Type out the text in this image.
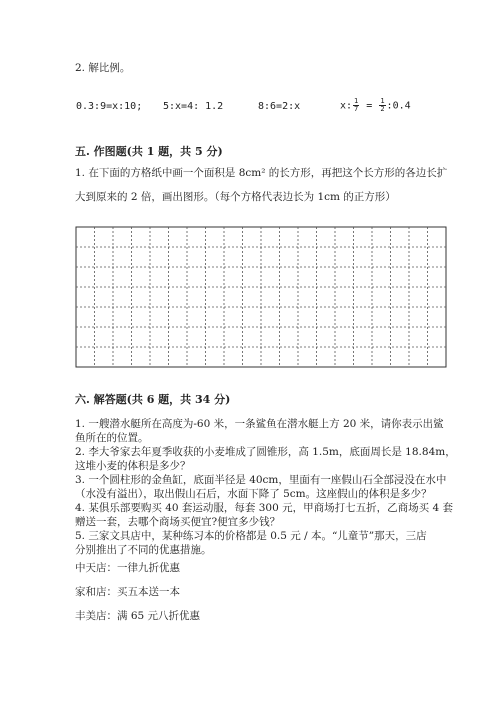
2. 解比例。
0.3:9=x:10; 5:x=4: 1.2	8:6=2:x	x: $\frac{1}{7} = \frac{1}{2}$ :0.4
五. 作图题(共 1 题，共 5 分)
1. 在下面的方格纸中画一个面积是 8cm² 的长方形，再把这个长方形的各边长扩
大到原来的 2 倍，画出图形。（每个方格代表边长为 1cm 的正方形）
六. 解答题(共 6 题，共 34 分)
1. 一艘潜水艇所在高度为-60 米，一条鲨鱼在潜水艇上方 20 米，请你表示出鲨
鱼所在的位置。
2. 李大爷家去年夏季收获的小麦堆成了圆锥形，高 1.5m，底面周长是 18.84m，
这堆小麦的体积是多少？
3. 一个圆柱形的金鱼缸，底面半径是 40cm，里面有一座假山石全部浸没在水中
（水没有溢出），取出假山石后，水面下降了 5cm。这座假山的体积是多少？
4. 某俱乐部要购买 40 套运动服，每套 300 元，甲商场打七五折，乙商场买 4 套
赠送一套，去哪个商场买便宜?便宜多少钱？
5. 三家文具店中，某种练习本的价格都是 0.5 元 / 本。“儿童节”那天，三店
分别推出了不同的优惠措施。
中天店：一律九折优惠
家和店：买五本送一本
丰美店：满 65 元八折优惠
